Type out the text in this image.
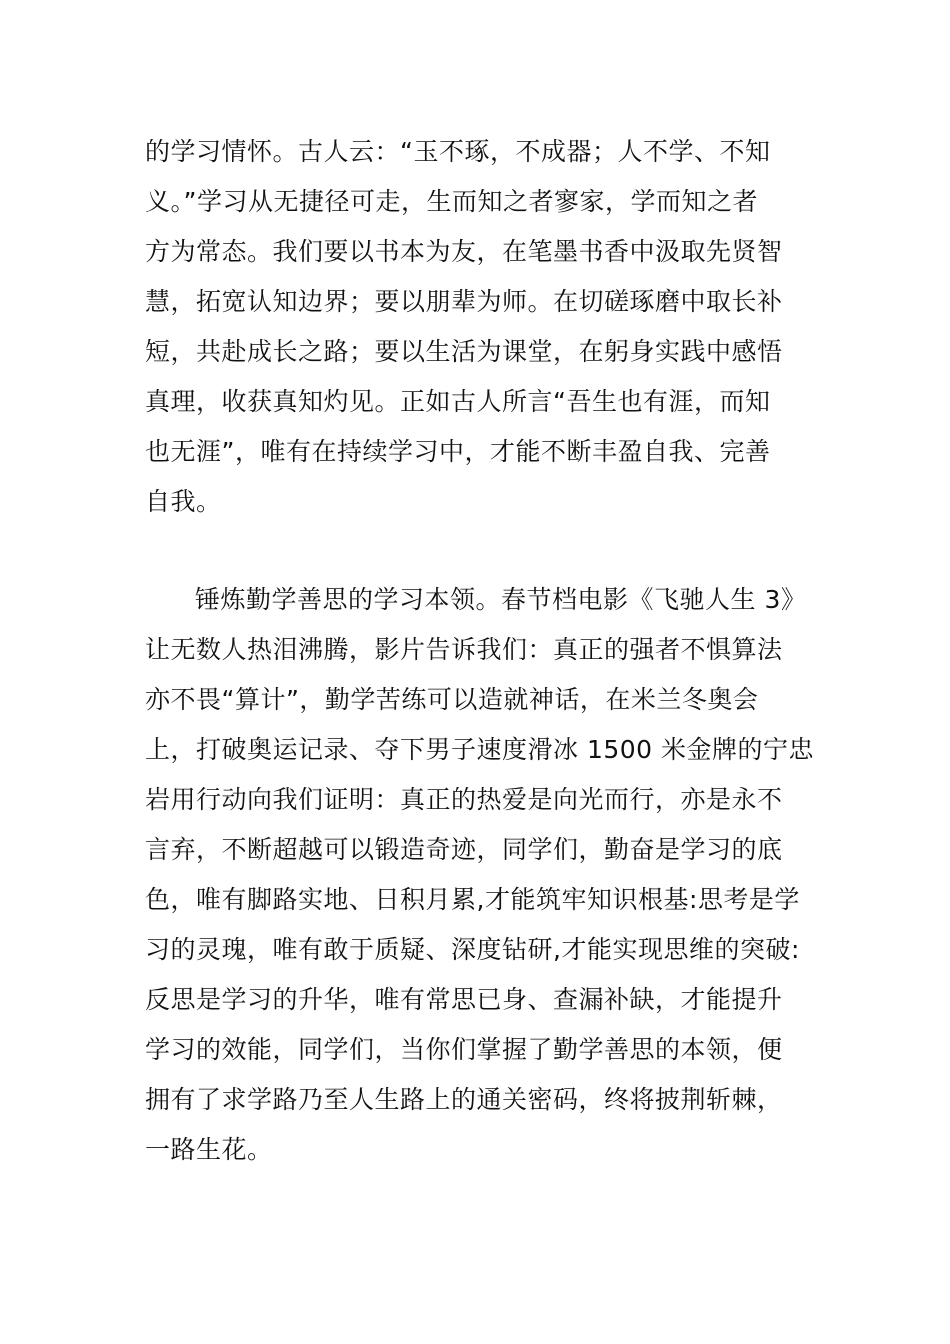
的学习情怀。古人云：“玉不琢，不成器；人不学、不知
义。”学习从无捷径可走，生而知之者寥家，学而知之者
方为常态。我们要以书本为友，在笔墨书香中汲取先贤智
慧，拓宽认知边界；要以朋辈为师。在切磋琢磨中取长补
短，共赴成长之路；要以生活为课堂，在躬身实践中感悟
真理，收获真知灼见。正如古人所言“吾生也有涯，而知
也无涯”，唯有在持续学习中，才能不断丰盈自我、完善
自我。
锤炼勤学善思的学习本领。春节档电影《飞驰人生 3》
让无数人热泪沸腾，影片告诉我们：真正的强者不惧算法
亦不畏“算计”，勤学苦练可以造就神话，在米兰冬奥会
上，打破奥运记录、夺下男子速度滑冰 1500 米金牌的宁忠
岩用行动向我们证明：真正的热爱是向光而行，亦是永不
言弃，不断超越可以锻造奇迹，同学们，勤奋是学习的底
色，唯有脚路实地、日积月累,才能筑牢知识根基:思考是学
习的灵瑰，唯有敢于质疑、深度钻研,才能实现思维的突破:
反思是学习的升华，唯有常思已身、查漏补缺，才能提升
学习的效能，同学们，当你们掌握了勤学善思的本领，便
拥有了求学路乃至人生路上的通关密码，终将披荆斩棘，
一路生花。
